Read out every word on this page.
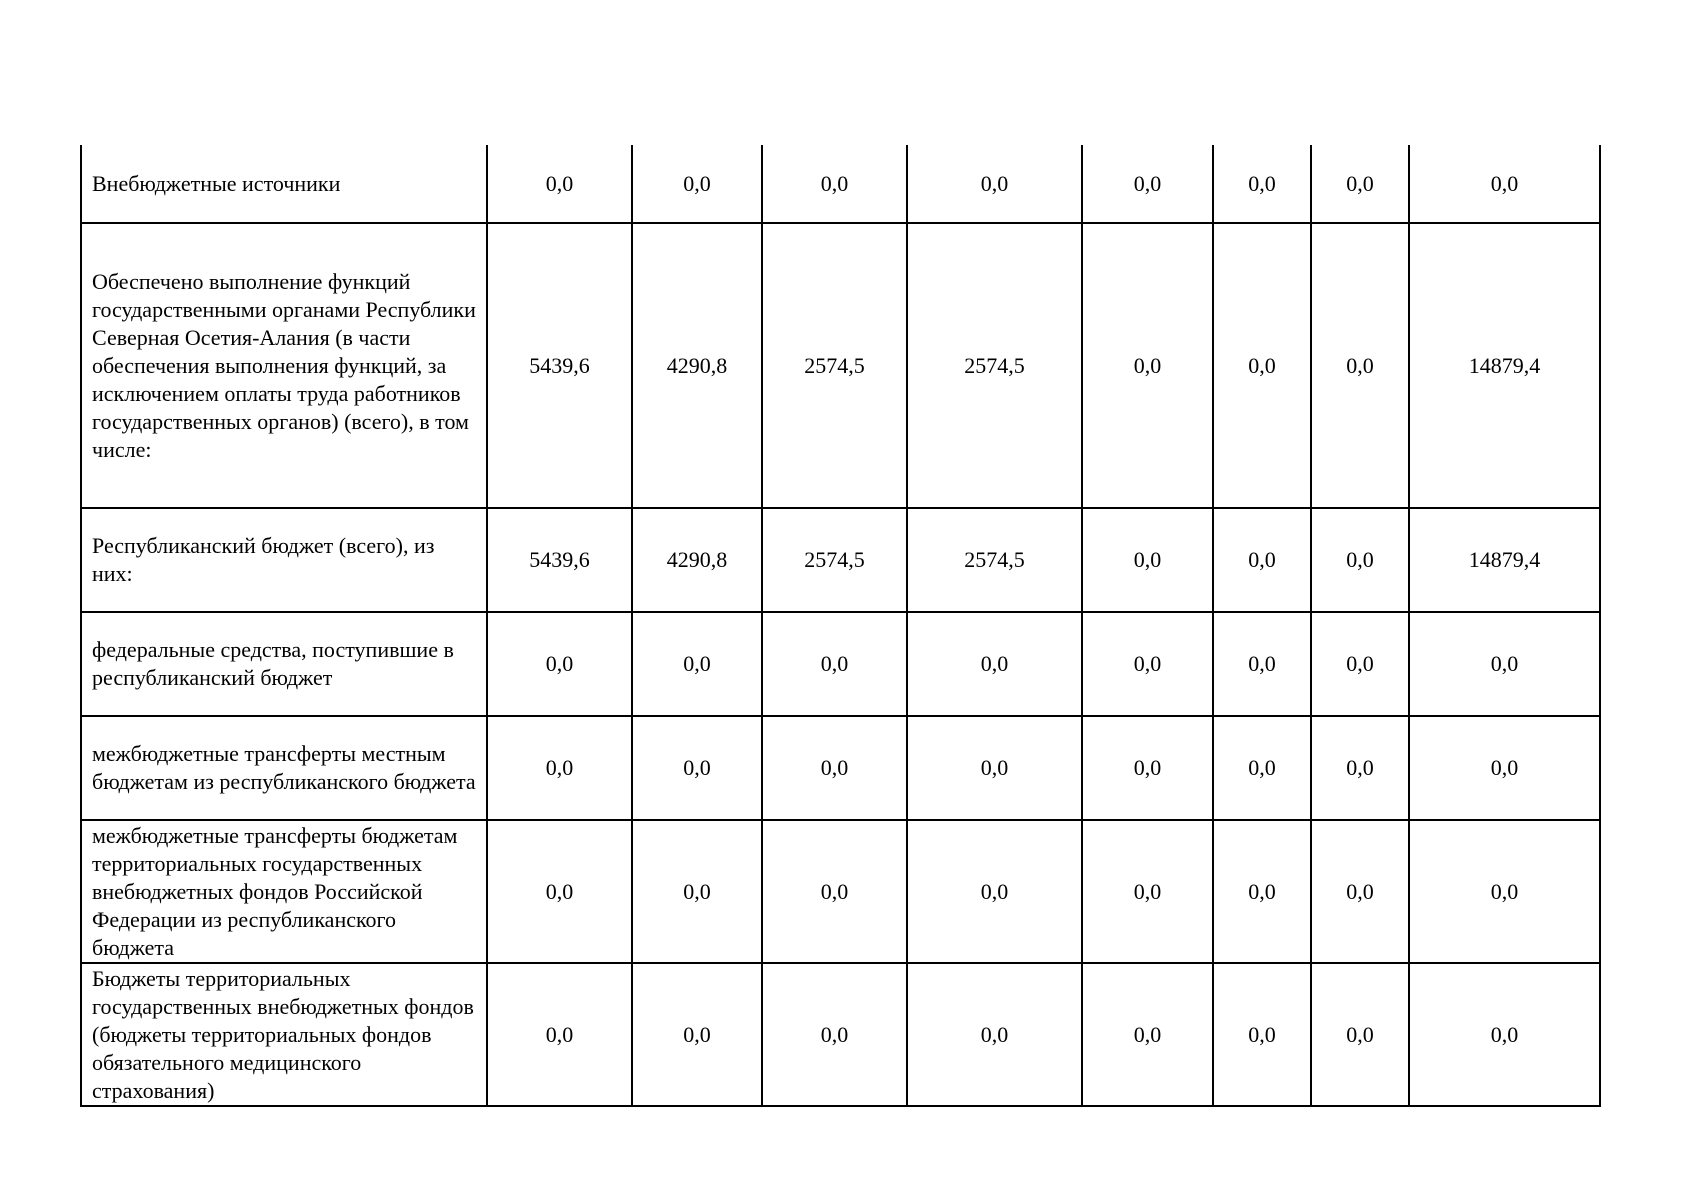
Внебюджетные источники	0,0	0,0	0,0	0,0	0,0	0,0	0,0	0,0
Обеспечено выполнение функций государственными органами Республики Северная Осетия-Алания (в части обеспечения выполнения функций, за исключением оплаты труда работников государственных органов) (всего), в том числе:	5439,6	4290,8	2574,5	2574,5	0,0	0,0	0,0	14879,4
Республиканский бюджет (всего), из них:	5439,6	4290,8	2574,5	2574,5	0,0	0,0	0,0	14879,4
федеральные средства, поступившие в республиканский бюджет	0,0	0,0	0,0	0,0	0,0	0,0	0,0	0,0
межбюджетные трансферты местным бюджетам из республиканского бюджета	0,0	0,0	0,0	0,0	0,0	0,0	0,0	0,0
межбюджетные трансферты бюджетам территориальных государственных внебюджетных фондов Российской Федерации из республиканского бюджета	0,0	0,0	0,0	0,0	0,0	0,0	0,0	0,0
Бюджеты территориальных государственных внебюджетных фондов (бюджеты территориальных фондов обязательного медицинского страхования)	0,0	0,0	0,0	0,0	0,0	0,0	0,0	0,0
